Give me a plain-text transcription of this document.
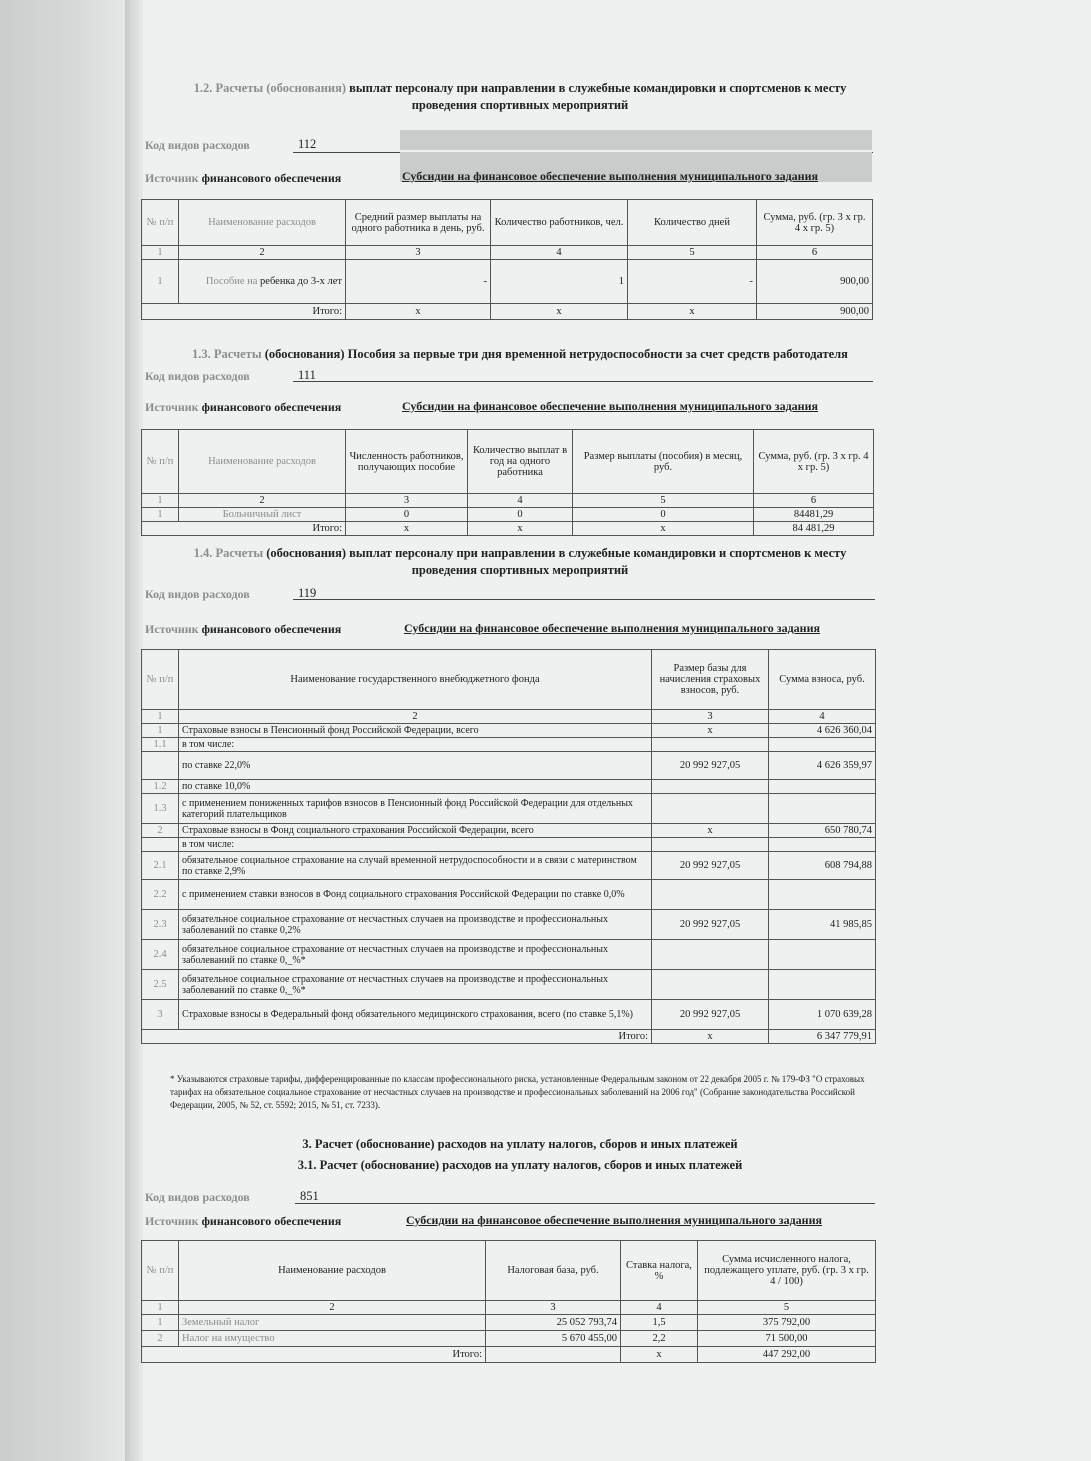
1.2. Расчеты (обоснования) выплат персоналу при направлении в служебные командировки и спортсменов к месту
проведения спортивных мероприятий
Код видов расходов	112
Источник финансового обеспечения	Субсидии на финансовое обеспечение выполнения муниципального задания
№ п/п	Наименование расходов	Средний размер выплаты на одного работника в день, руб.	Количество работников, чел.	Количество дней	Сумма, руб. (гр. 3 х гр. 4 х гр. 5)
1	2	3	4	5	6
1	Пособие на ребенка до 3-х лет	-	1	-	900,00
	Итого:	х	х	х	900,00
1.3. Расчеты (обоснования) Пособия за первые три дня временной нетрудоспособности за счет средств работодателя
Код видов расходов	111
Источник финансового обеспечения	Субсидии на финансовое обеспечение выполнения муниципального задания
№ п/п	Наименование расходов	Численность работников, получающих пособие	Количество выплат в год на одного работника	Размер выплаты (пособия) в месяц, руб.	Сумма, руб. (гр. 3 х гр. 4 х гр. 5)
1	2	3	4	5	6
1	Больничный лист	0	0	0	84481,29
	Итого:	х	х	х	84 481,29
1.4. Расчеты (обоснования) выплат персоналу при направлении в служебные командировки и спортсменов к месту
проведения спортивных мероприятий
Код видов расходов	119
Источник финансового обеспечения	Субсидии на финансовое обеспечение выполнения муниципального задания
№ п/п	Наименование государственного внебюджетного фонда	Размер базы для начисления страховых взносов, руб.	Сумма взноса, руб.
1	2	3	4
1	Страховые взносы в Пенсионный фонд Российской Федерации, всего	х	4 626 360,04
1.1	в том числе:		
	по ставке 22,0%	20 992 927,05	4 626 359,97
1.2	по ставке 10,0%		
1.3	с применением пониженных тарифов взносов в Пенсионный фонд Российской Федерации для отдельных категорий плательщиков		
2	Страховые взносы в Фонд социального страхования Российской Федерации, всего	х	650 780,74
	в том числе:		
2.1	обязательное социальное страхование на случай временной нетрудоспособности и в связи с материнством по ставке 2,9%	20 992 927,05	608 794,88
2.2	с применением ставки взносов в Фонд социального страхования Российской Федерации по ставке 0,0%		
2.3	обязательное социальное страхование от несчастных случаев на производстве и профессиональных заболеваний по ставке 0,2%	20 992 927,05	41 985,85
2.4	обязательное социальное страхование от несчастных случаев на производстве и профессиональных заболеваний по ставке 0,_%*		
2.5	обязательное социальное страхование от несчастных случаев на производстве и профессиональных заболеваний по ставке 0,_%*		
3	Страховые взносы в Федеральный фонд обязательного медицинского страхования, всего (по ставке 5,1%)	20 992 927,05	1 070 639,28
	Итого:	х	6 347 779,91
* Указываются страховые тарифы, дифференцированные по классам профессионального риска, установленные Федеральным законом от 22 декабря 2005 г. № 179-ФЗ "О страховых тарифах на обязательное социальное страхование от несчастных случаев на производстве и профессиональных заболеваний на 2006 год" (Собрание законодательства Российской Федерации, 2005, № 52, ст. 5592; 2015, № 51, ст. 7233).
3. Расчет (обоснование) расходов на уплату налогов, сборов и иных платежей
3.1. Расчет (обоснование) расходов на уплату налогов, сборов и иных платежей
Код видов расходов	851
Источник финансового обеспечения	Субсидии на финансовое обеспечение выполнения муниципального задания
№ п/п	Наименование расходов	Налоговая база, руб.	Ставка налога, %	Сумма исчисленного налога, подлежащего уплате, руб. (гр. 3 х гр. 4 / 100)
1	2	3	4	5
1	Земельный налог	25 052 793,74	1,5	375 792,00
2	Налог на имущество	5 670 455,00	2,2	71 500,00
	Итого:		х	447 292,00
